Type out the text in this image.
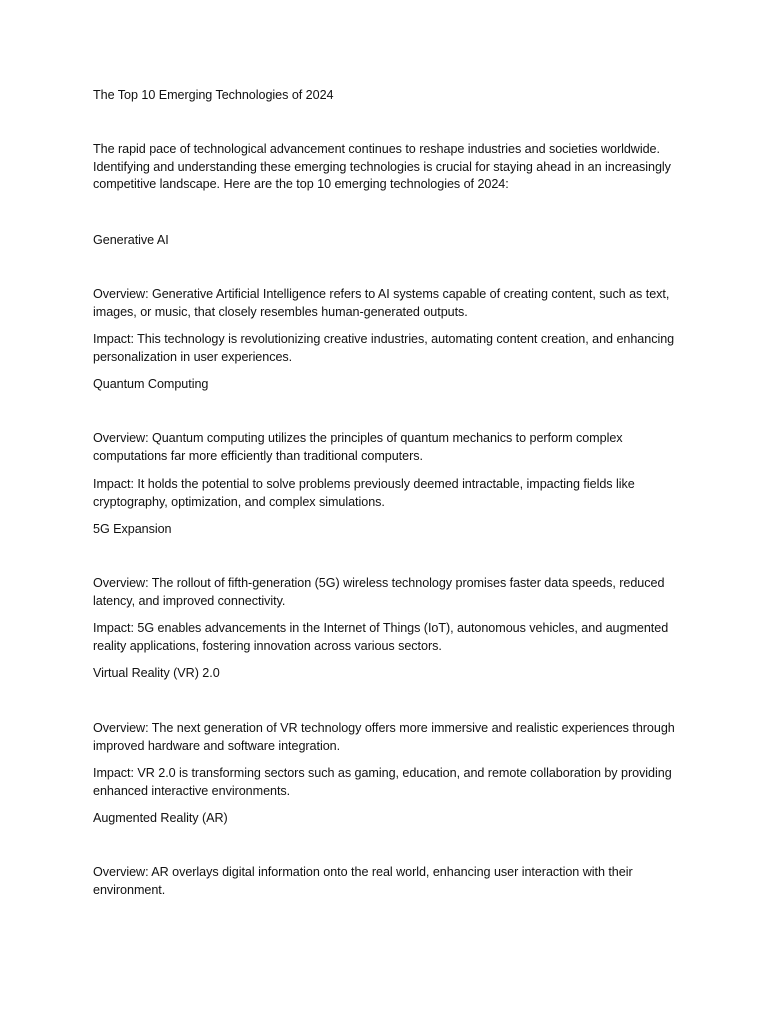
The Top 10 Emerging Technologies of 2024

The rapid pace of technological advancement continues to reshape industries and societies worldwide. Identifying and understanding these emerging technologies is crucial for staying ahead in an increasingly competitive landscape. Here are the top 10 emerging technologies of 2024:

Generative AI

Overview: Generative Artificial Intelligence refers to AI systems capable of creating content, such as text, images, or music, that closely resembles human-generated outputs.

Impact: This technology is revolutionizing creative industries, automating content creation, and enhancing personalization in user experiences.

Quantum Computing

Overview: Quantum computing utilizes the principles of quantum mechanics to perform complex computations far more efficiently than traditional computers.

Impact: It holds the potential to solve problems previously deemed intractable, impacting fields like cryptography, optimization, and complex simulations.

5G Expansion

Overview: The rollout of fifth-generation (5G) wireless technology promises faster data speeds, reduced latency, and improved connectivity.

Impact: 5G enables advancements in the Internet of Things (IoT), autonomous vehicles, and augmented reality applications, fostering innovation across various sectors.

Virtual Reality (VR) 2.0

Overview: The next generation of VR technology offers more immersive and realistic experiences through improved hardware and software integration.

Impact: VR 2.0 is transforming sectors such as gaming, education, and remote collaboration by providing enhanced interactive environments.

Augmented Reality (AR)

Overview: AR overlays digital information onto the real world, enhancing user interaction with their environment.
